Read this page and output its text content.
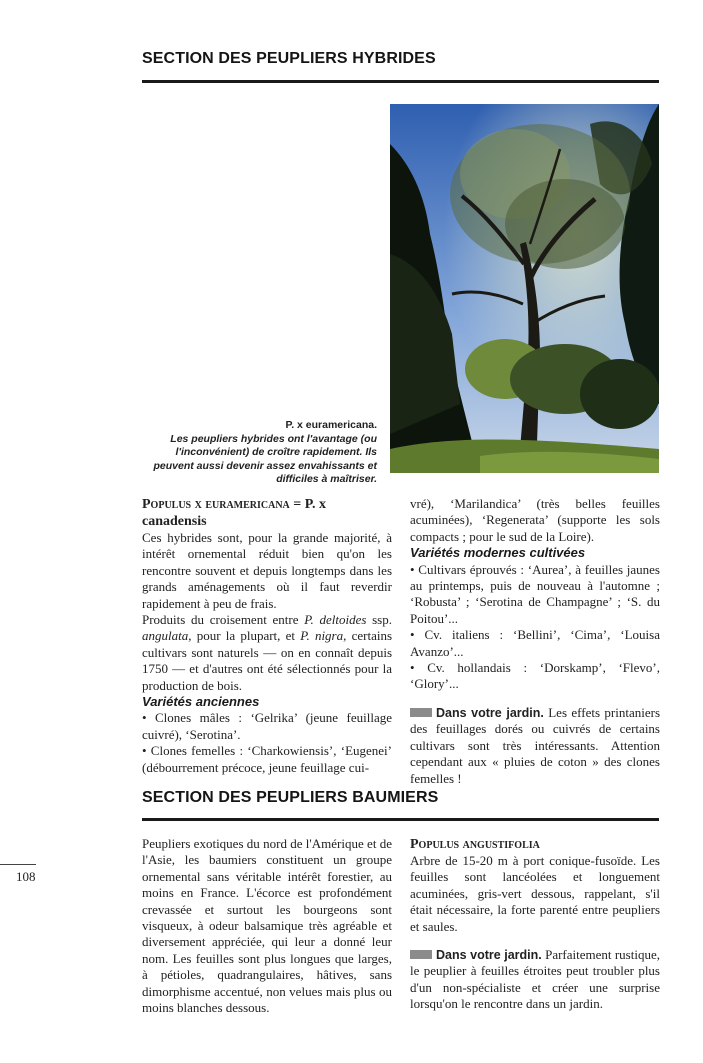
SECTION DES PEUPLIERS HYBRIDES
P. x euramericana.
Les peupliers hybrides ont l'avantage (ou l'inconvénient) de croître rapidement. Ils peuvent aussi devenir assez envahissants et difficiles à maîtriser.
Populus x euramericana = P. x
canadensis

Ces hybrides sont, pour la grande majorité, à intérêt ornemental réduit bien qu'on les rencontre souvent et depuis longtemps dans les grands aménagements où il faut reverdir rapidement à peu de frais.

Produits du croisement entre P. deltoides ssp. angulata, pour la plupart, et P. nigra, certains cultivars sont naturels — on en connaît depuis 1750 — et d'autres ont été sélectionnés pour la production de bois.

Variétés anciennes

• Clones mâles : ‘Gelrika’ (jeune feuillage cuivré), ‘Serotina’.

• Clones femelles : ‘Charkowiensis’, ‘Eugenei’ (débourrement précoce, jeune feuillage cui-

vré), ‘Marilandica’ (très belles feuilles acuminées), ‘Regenerata’ (supporte les sols compacts ; pour le sud de la Loire).

Variétés modernes cultivées

• Cultivars éprouvés : ‘Aurea’, à feuilles jaunes au printemps, puis de nouveau à l'automne ; ‘Robusta’ ; ‘Serotina de Champagne’ ; ‘S. du Poitou’...

• Cv. italiens : ‘Bellini’, ‘Cima’, ‘Louisa Avanzo’...

• Cv. hollandais : ‘Dorskamp’, ‘Flevo’, ‘Glory’...

Dans votre jardin. Les effets printaniers des feuillages dorés ou cuivrés de certains cultivars sont très intéressants. Attention cependant aux « pluies de coton » des clones femelles !

SECTION DES PEUPLIERS BAUMIERS

Peupliers exotiques du nord de l'Amérique et de l'Asie, les baumiers constituent un groupe ornemental sans véritable intérêt forestier, au moins en France. L'écorce est profondément crevassée et surtout les bourgeons sont visqueux, à odeur balsamique très agréable et diversement appréciée, qui leur a donné leur nom. Les feuilles sont plus longues que larges, à pétioles, quadrangulaires, hâtives, sans dimorphisme accentué, non velues mais plus ou moins blanches dessous.

Populus angustifolia

Arbre de 15-20 m à port conique-fusoïde. Les feuilles sont lancéolées et longuement acuminées, gris-vert dessous, rappelant, s'il était nécessaire, la forte parenté entre peupliers et saules.

Dans votre jardin. Parfaitement rustique, le peuplier à feuilles étroites peut troubler plus d'un non-spécialiste et créer une surprise lorsqu'on le rencontre dans un jardin.

108
